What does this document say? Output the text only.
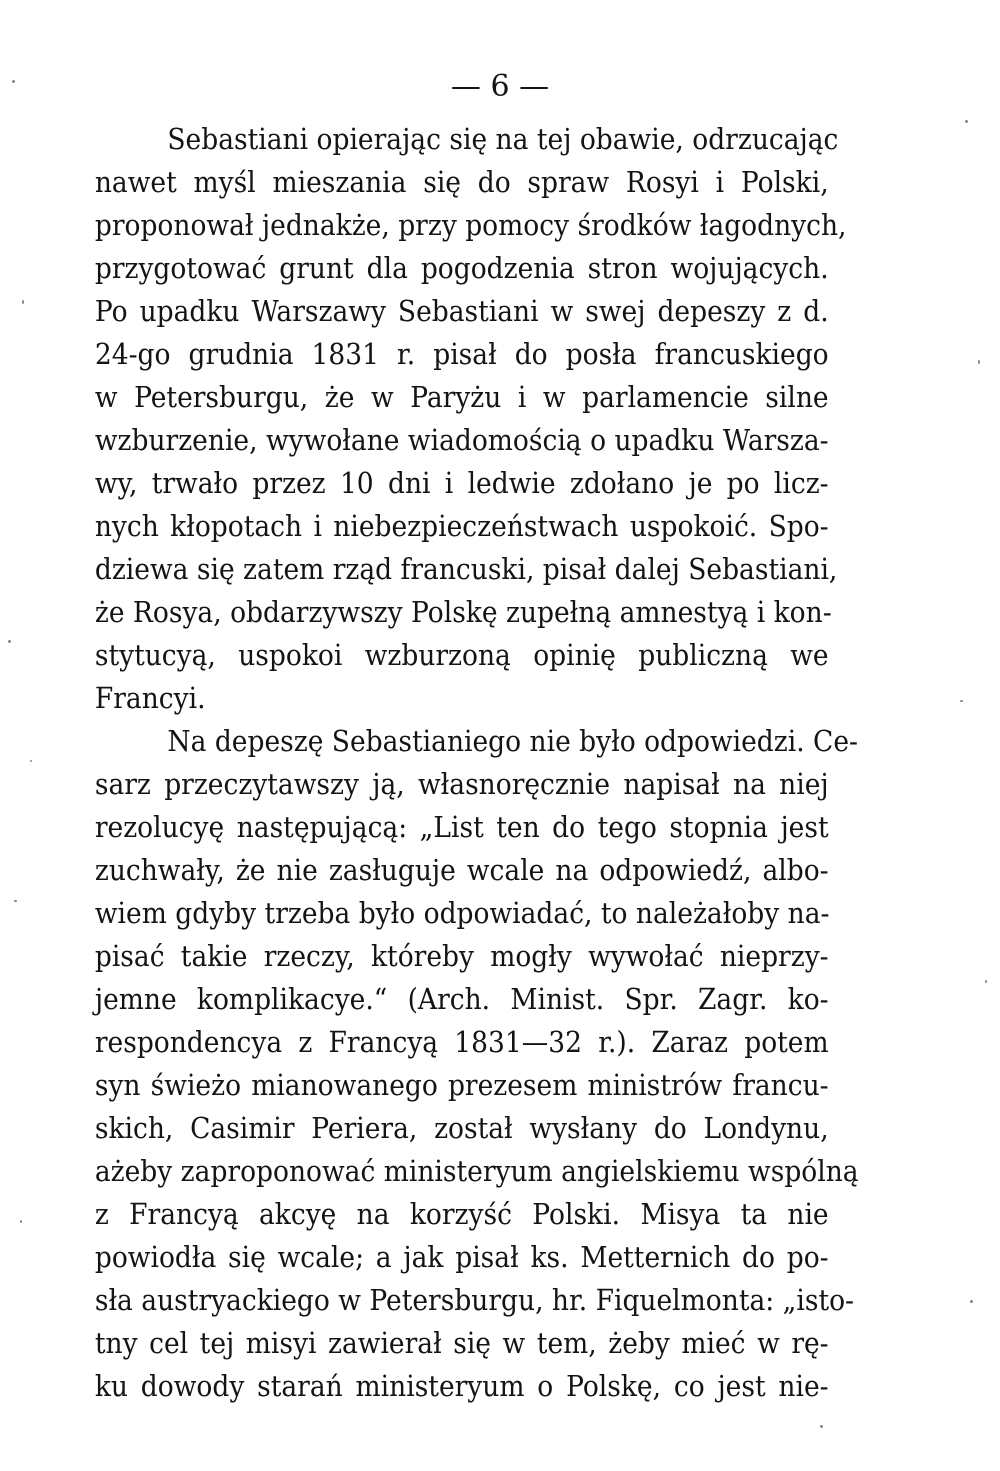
— 6 —
Sebastiani opierając się na tej obawie, odrzucając
nawet myśl mieszania się do spraw Rosyi i Polski,
proponował jednakże, przy pomocy środków łagodnych,
przygotować grunt dla pogodzenia stron wojujących.
Po upadku Warszawy Sebastiani w swej depeszy z d.
24-go grudnia 1831 r. pisał do posła francuskiego
w Petersburgu, że w Paryżu i w parlamencie silne
wzburzenie, wywołane wiadomością o upadku Warsza-
wy, trwało przez 10 dni i ledwie zdołano je po licz-
nych kłopotach i niebezpieczeństwach uspokoić. Spo-
dziewa się zatem rząd francuski, pisał dalej Sebastiani,
że Rosya, obdarzywszy Polskę zupełną amnestyą i kon-
stytucyą, uspokoi wzburzoną opinię publiczną we
Francyi.
Na depeszę Sebastianiego nie było odpowiedzi. Ce-
sarz przeczytawszy ją, własnoręcznie napisał na niej
rezolucyę następującą: „List ten do tego stopnia jest
zuchwały, że nie zasługuje wcale na odpowiedź, albo-
wiem gdyby trzeba było odpowiadać, to należałoby na-
pisać takie rzeczy, któreby mogły wywołać nieprzy-
jemne komplikacye.“ (Arch. Minist. Spr. Zagr. ko-
respondencya z Francyą 1831—32 r.). Zaraz potem
syn świeżo mianowanego prezesem ministrów francu-
skich, Casimir Periera, został wysłany do Londynu,
ażeby zaproponować ministeryum angielskiemu wspólną
z Francyą akcyę na korzyść Polski. Misya ta nie
powiodła się wcale; a jak pisał ks. Metternich do po-
sła austryackiego w Petersburgu, hr. Fiquelmonta: „isto-
tny cel tej misyi zawierał się w tem, żeby mieć w rę-
ku dowody starań ministeryum o Polskę, co jest nie-
